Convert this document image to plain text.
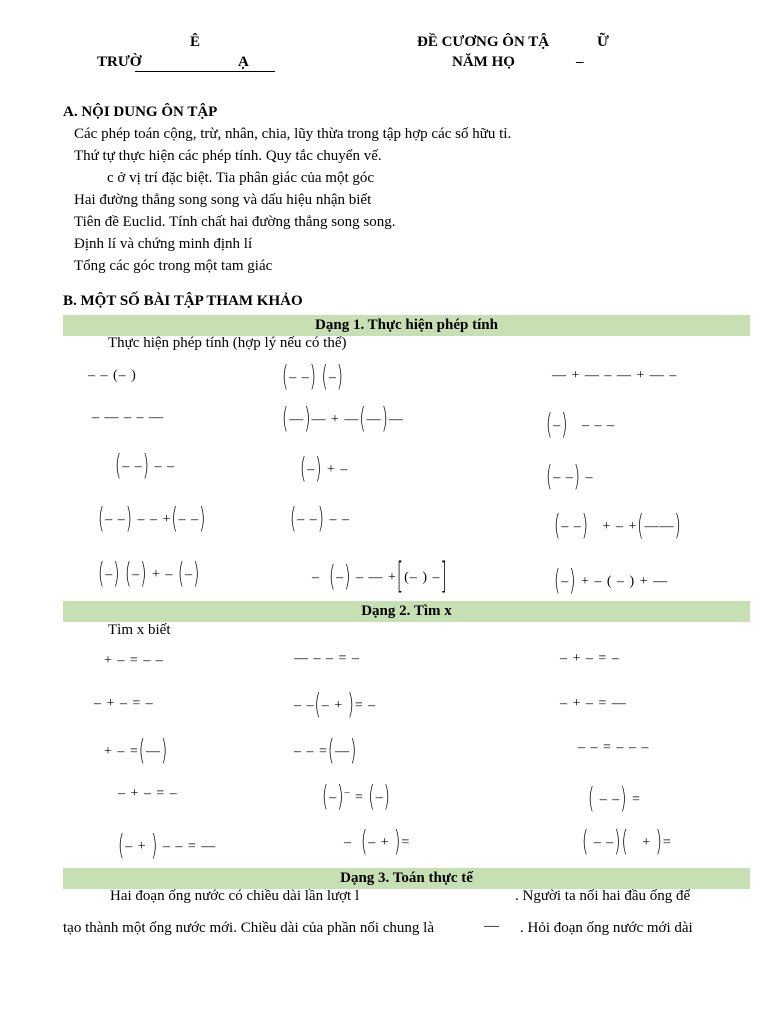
Ê
TRƯỜ	Ạ
ĐỀ CƯƠNG ÔN TẬ	Ữ
NĂM HỌ	–
A. NỘI DUNG ÔN TẬP
Các phép toán cộng, trừ, nhân, chia, lũy thừa trong tập hợp các số hữu tỉ.
Thứ tự thực hiện các phép tính. Quy tắc chuyển vế.
c ở vị trí đặc biệt. Tia phân giác của một góc
Hai đường thẳng song song và dấu hiệu nhận biết
Tiên đề Euclid. Tính chất hai đường thẳng song song.
Định lí và chứng minh định lí
Tổng các góc trong một tam giác
B. MỘT SỐ BÀI TẬP THAM KHẢO
Dạng 1. Thực hiện phép tính
Thực hiện phép tính (hợp lý nếu có thể)
– – (– )	(– –) (–)	— + — – — + — –
– — – – —	(—)— + —(—)—	(–) – – –
(– –) – –	(–) + –	(– –) –
(– –) – – +(– –)	(– –) – –	(– –) + – +(——)
(–) (–) + – (–)	– (–) – — +[(– ) –]	(–) + – ( – ) + —
Dạng 2. Tìm x
Tìm x biết
+ – = – –	— – – = –	– + – = –
– + – = –	– –(– + )= –	– + – = —
+ – =(—)	– – =(—)	– – = – – –
– + – = –	(–)– = (–)	( – –) =
(– + ) – – = —	– (– + )=	( – –)( + )=
Dạng 3. Toán thực tế
Hai đoạn ống nước có chiều dài lần lượt l	. Người ta nối hai đầu ống để
tạo thành một ống nước mới. Chiều dài của phần nối chung là	— . Hỏi đoạn ống nước mới dài
